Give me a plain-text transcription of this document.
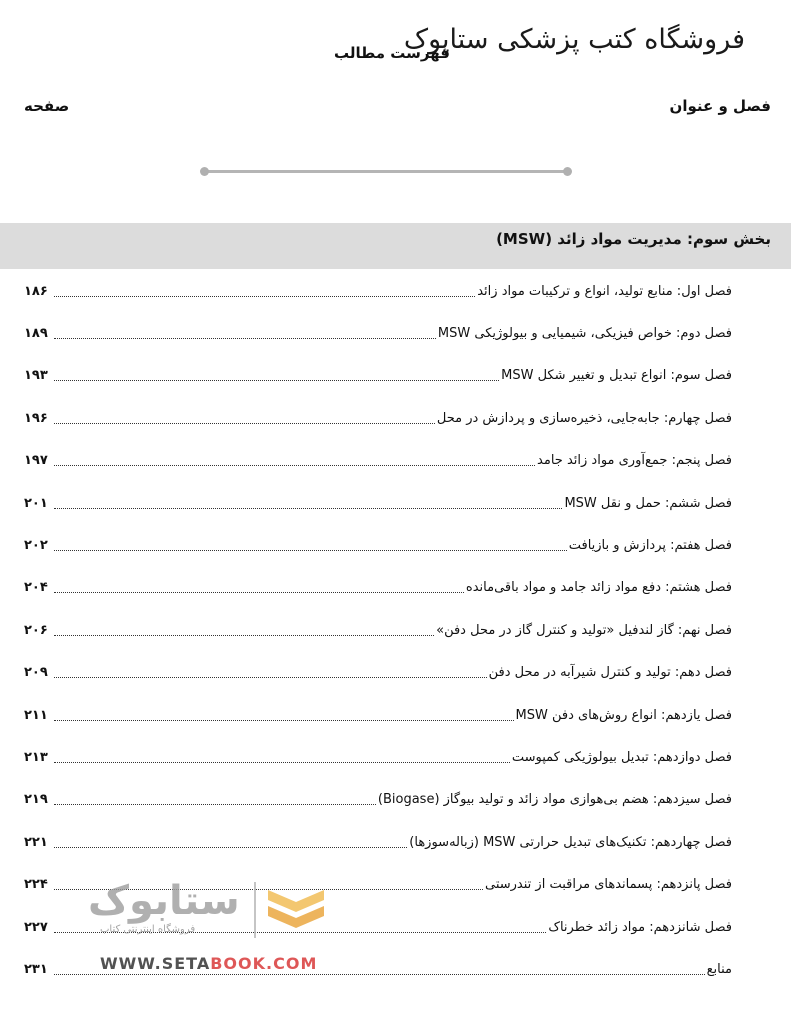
فروشگاه کتب پزشکی ستاپوک
فهرست مطالب
فصل و عنوان
صفحه
بخش سوم: مدیریت مواد زائد (MSW)
فصل اول: منابع تولید، انواع و ترکیبات مواد زائد
۱۸۶
فصل دوم: خواص فیزیکی، شیمیایی و بیولوژیکی MSW
۱۸۹
فصل سوم: انواع تبدیل و تغییر شکل MSW
۱۹۳
فصل چهارم: جابه‌جایی، ذخیره‌سازی و پردازش در محل
۱۹۶
فصل پنجم: جمع‌آوری مواد زائد جامد
۱۹۷
فصل ششم: حمل و نقل MSW
۲۰۱
فصل هفتم: پردازش و بازیافت
۲۰۲
فصل هشتم: دفع مواد زائد جامد و مواد باقی‌مانده
۲۰۴
فصل نهم: گاز لندفیل «تولید و کنترل گاز در محل دفن»
۲۰۶
فصل دهم: تولید و کنترل شیرآبه در محل دفن
۲۰۹
فصل یازدهم: انواع روش‌های دفن MSW
۲۱۱
فصل دوازدهم: تبدیل بیولوژیکی کمپوست
۲۱۳
فصل سیزدهم: هضم بی‌هوازی مواد زائد و تولید بیوگاز (Biogase)
۲۱۹
فصل چهاردهم: تکنیک‌های تبدیل حرارتی MSW (زباله‌سوزها)
۲۲۱
فصل پانزدهم: پسماندهای مراقبت از تندرستی
۲۲۴
فصل شانزدهم: مواد زائد خطرناک
۲۲۷
منابع
۲۳۱
ستابوک
فروشگاه اینترنتی کتاب
WWW.SETABOOK.COM
